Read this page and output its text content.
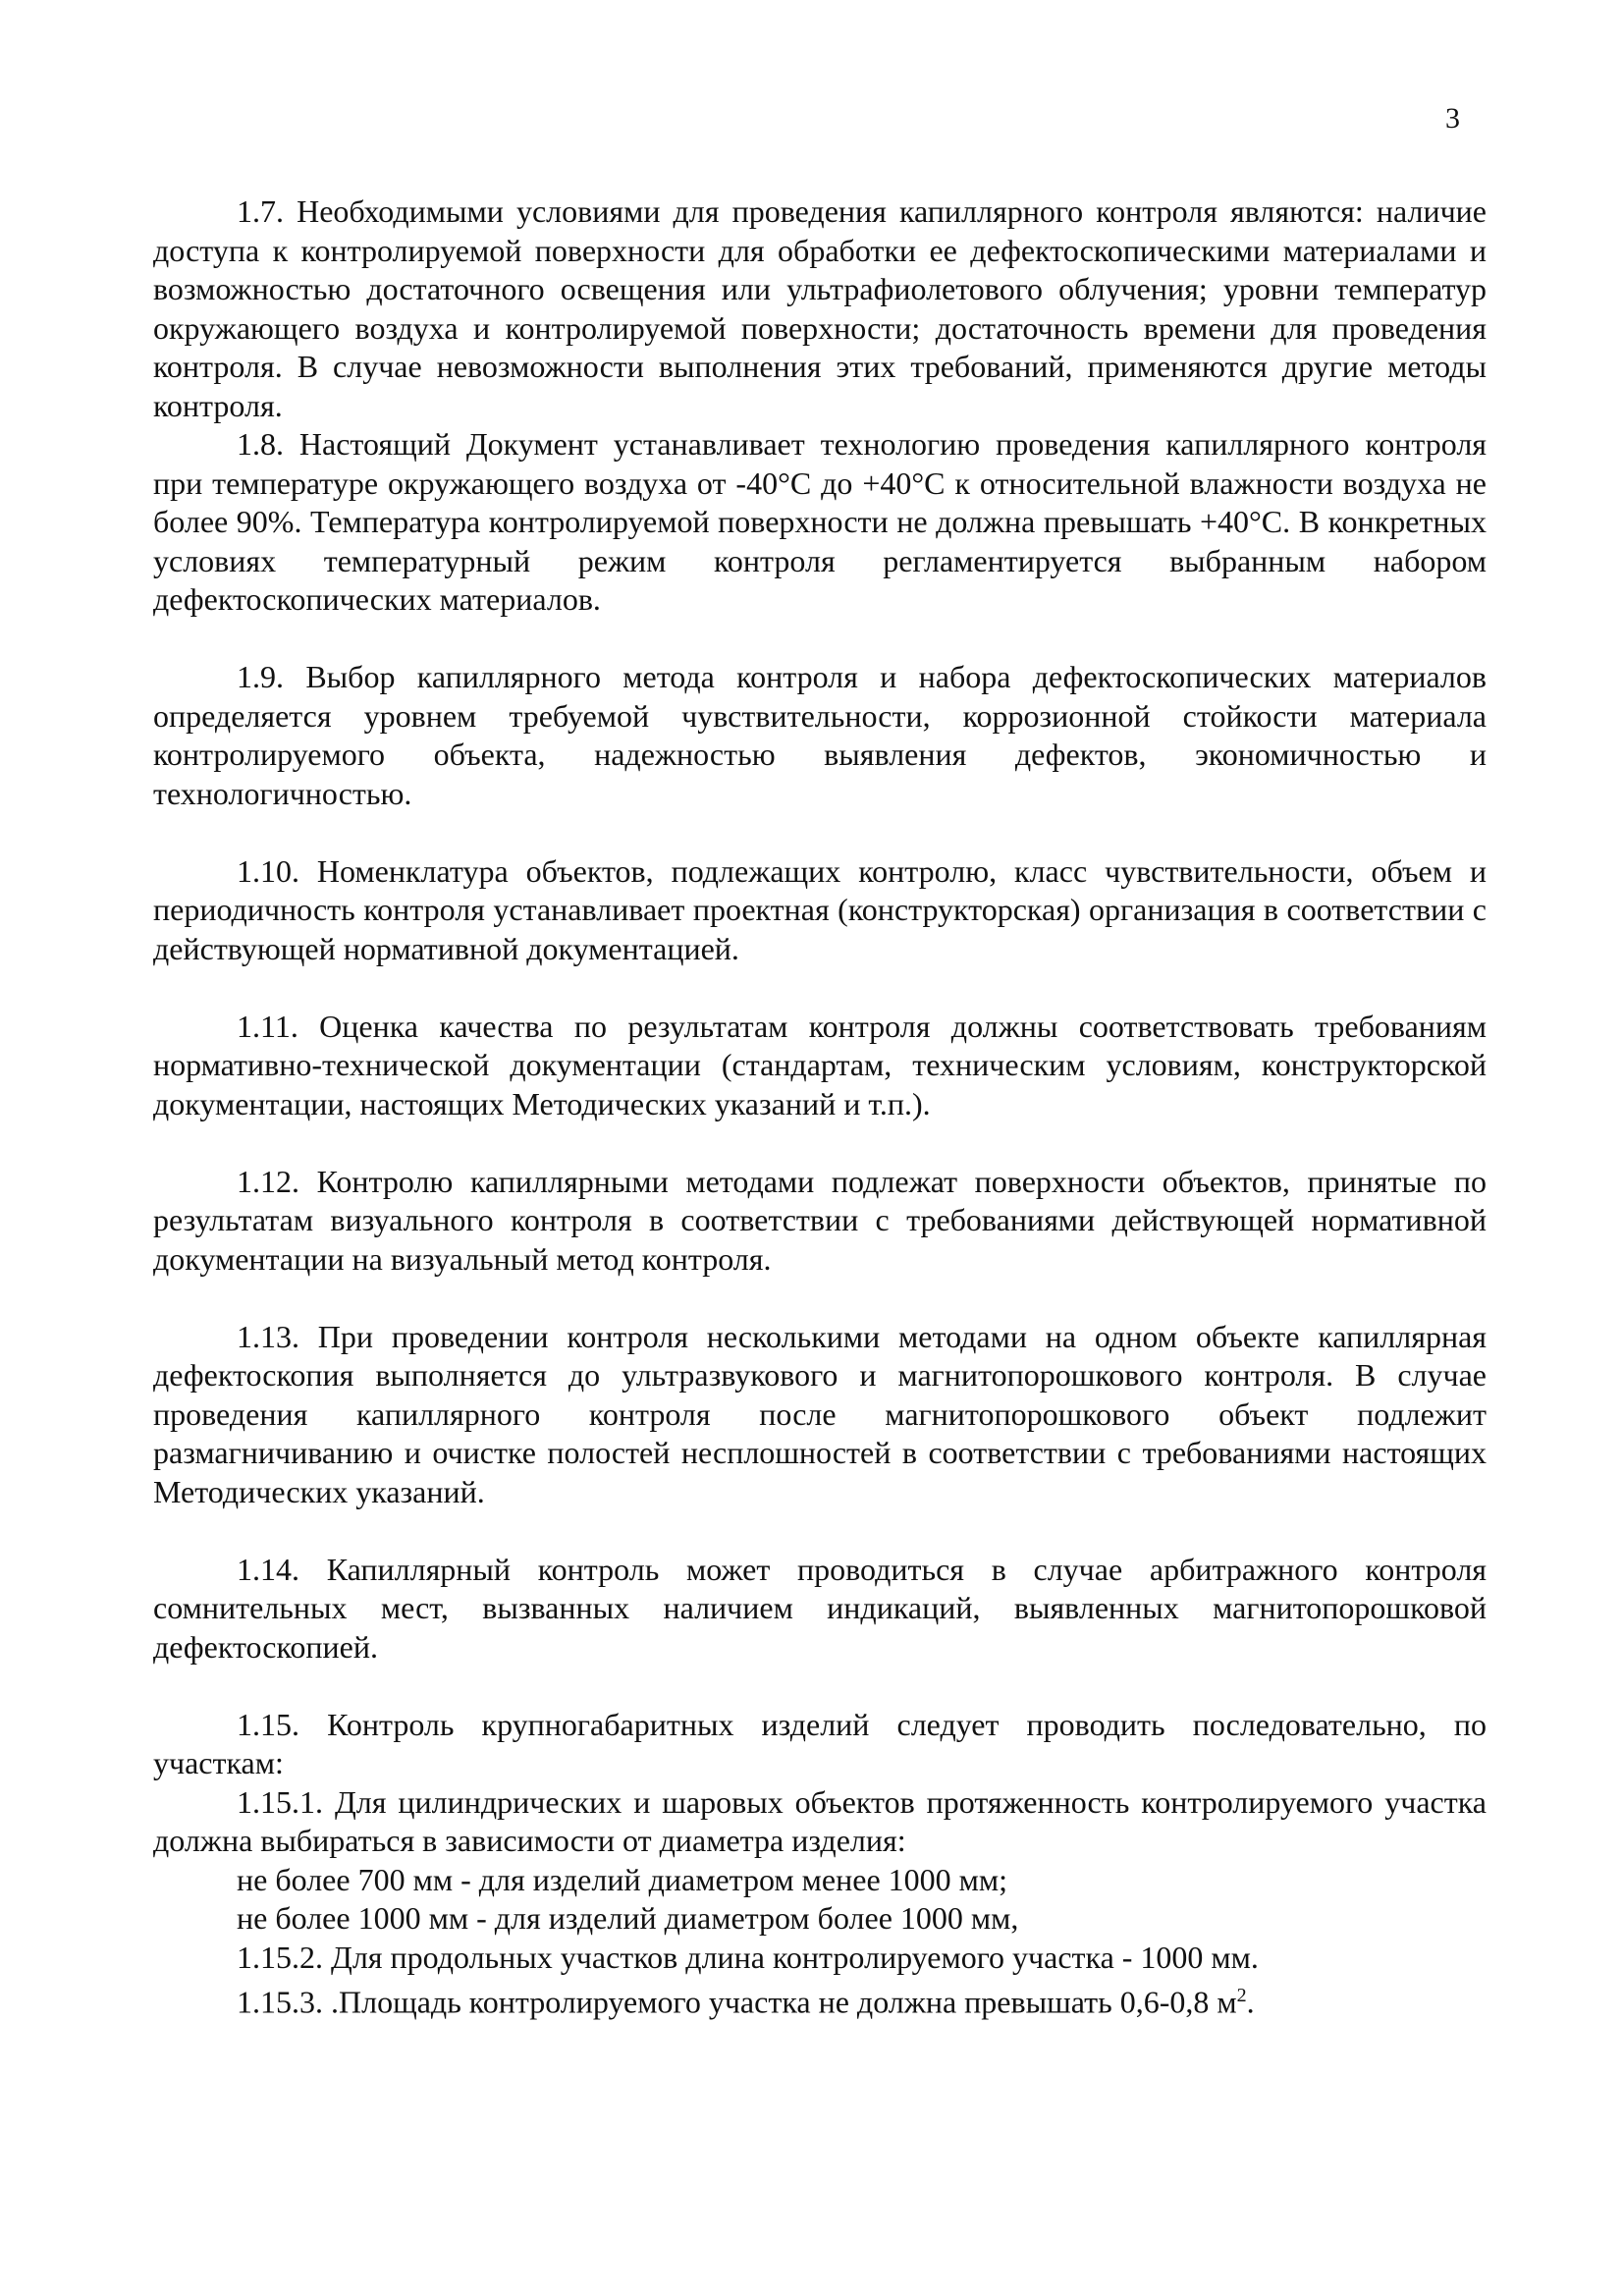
3

1.7. Необходимыми условиями для проведения капиллярного контроля являются: наличие доступа к контролируемой поверхности для обработки ее дефектоскопическими материалами и возможностью достаточного освещения или ультрафиолетового облучения; уровни температур окружающего воздуха и контролируемой поверхности; достаточность времени для проведения контроля. В случае невозможности выполнения этих требований, применяются другие методы контроля.

1.8. Настоящий Документ устанавливает технологию проведения капиллярного контроля при температуре окружающего воздуха от -40°С до +40°С к относительной влажности воздуха не более 90%. Температура контролируемой поверхности не должна превышать +40°С. В конкретных условиях температурный режим контроля регламентируется выбранным набором дефектоскопических материалов.

1.9. Выбор капиллярного метода контроля и набора дефектоскопических материалов определяется уровнем требуемой чувствительности, коррозионной стойкости материала контролируемого объекта, надежностью выявления дефектов, экономичностью и технологичностью.

1.10. Номенклатура объектов, подлежащих контролю, класс чувствительности, объем и периодичность контроля устанавливает проектная (конструкторская) организация в соответствии с действующей нормативной документацией.

1.11. Оценка качества по результатам контроля должны соответствовать требованиям нормативно-технической документации (стандартам, техническим условиям, конструкторской документации, настоящих Методических указаний и т.п.).

1.12. Контролю капиллярными методами подлежат поверхности объектов, принятые по результатам визуального контроля в соответствии с требованиями действующей нормативной документации на визуальный метод контроля.

1.13. При проведении контроля несколькими методами на одном объекте капиллярная дефектоскопия выполняется до ультразвукового и магнитопорошкового контроля. В случае проведения капиллярного контроля после магнитопорошкового объект подлежит размагничиванию и очистке полостей несплошностей в соответствии с требованиями настоящих Методических указаний.

1.14. Капиллярный контроль может проводиться в случае арбитражного контроля сомнительных мест, вызванных наличием индикаций, выявленных магнитопорошковой дефектоскопией.

1.15. Контроль крупногабаритных изделий следует проводить последовательно, по участкам:

1.15.1. Для цилиндрических и шаровых объектов протяженность контролируемого участка должна выбираться в зависимости от диаметра изделия:

не более 700 мм - для изделий диаметром менее 1000 мм;

не более 1000 мм - для изделий диаметром более 1000 мм,

1.15.2. Для продольных участков длина контролируемого участка - 1000 мм.

1.15.3. .Площадь контролируемого участка не должна превышать 0,6-0,8 $м^2$.
